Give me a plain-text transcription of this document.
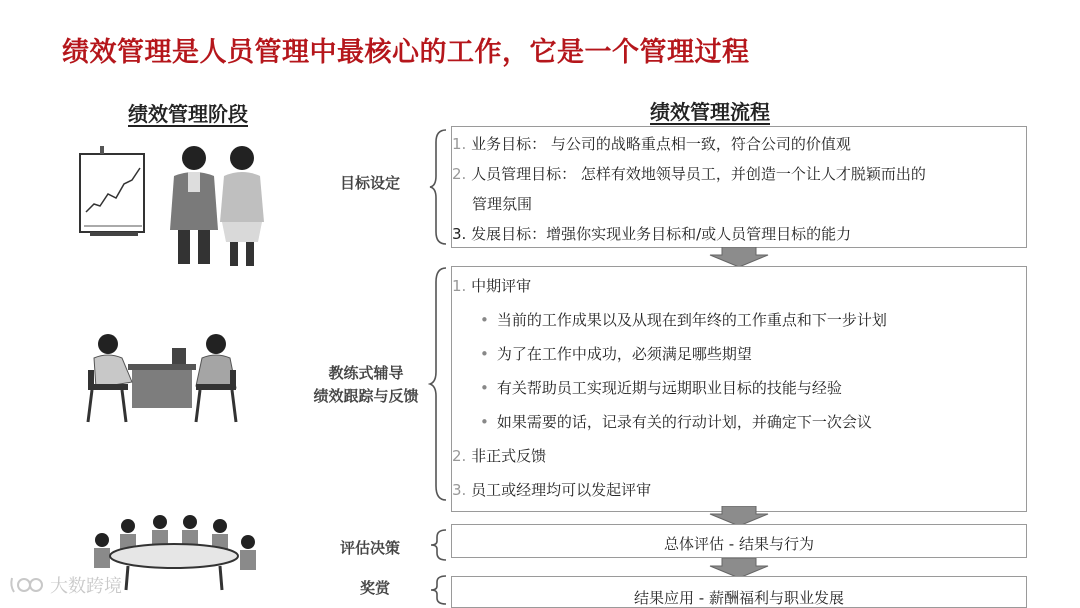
绩效管理是人员管理中最核心的工作，它是一个管理过程
绩效管理阶段	绩效管理流程
大数跨境
目标设定
教练式辅导
绩效跟踪与反馈
评估决策
奖赏
1. 业务目标： 与公司的战略重点相一致，符合公司的价值观
2. 人员管理目标： 怎样有效地领导员工，并创造一个让人才脱颖而出的
管理氛围
3. 发展目标：增强你实现业务目标和/或人员管理目标的能力
1. 中期评审
• 当前的工作成果以及从现在到年终的工作重点和下一步计划
• 为了在工作中成功，必须满足哪些期望
• 有关帮助员工实现近期与远期职业目标的技能与经验
• 如果需要的话，记录有关的行动计划，并确定下一次会议
2. 非正式反馈
3. 员工或经理均可以发起评审
总体评估 - 结果与行为
结果应用 - 薪酬福利与职业发展
